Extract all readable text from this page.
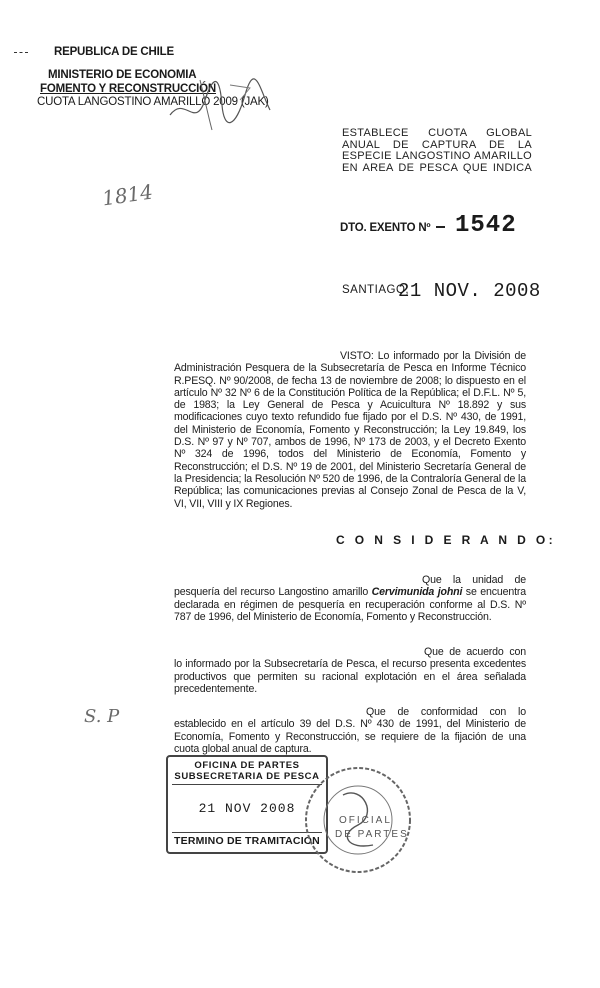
REPUBLICA DE CHILE
MINISTERIO DE ECONOMIA
FOMENTO Y RECONSTRUCCIÓN
CUOTA LANGOSTINO AMARILLO 2009 (JAK)
ESTABLECE CUOTA GLOBAL
ANUAL DE CAPTURA DE LA
ESPECIE LANGOSTINO AMARILLO
EN AREA DE PESCA QUE INDICA
1814
DTO. EXENTO Nº 1542
SANTIAGO,
21 NOV. 2008
VISTO: Lo informado por la División de Administración Pesquera de la Subsecretaría de Pesca en Informe Técnico R.PESQ. Nº 90/2008, de fecha 13 de noviembre de 2008; lo dispuesto en el artículo Nº 32 Nº 6 de la Constitución Política de la República; el D.F.L. Nº 5, de 1983; la Ley General de Pesca y Acuicultura Nº 18.892 y sus modificaciones cuyo texto refundido fue fijado por el D.S. Nº 430, de 1991, del Ministerio de Economía, Fomento y Reconstrucción; la Ley 19.849, los D.S. Nº 97 y Nº 707, ambos de 1996, Nº 173 de 2003, y el Decreto Exento Nº 324 de 1996, todos del Ministerio de Economía, Fomento y Reconstrucción; el D.S. Nº 19 de 2001, del Ministerio Secretaría General de la Presidencia; la Resolución Nº 520 de 1996, de la Contraloría General de la República; las comunicaciones previas al Consejo Zonal de Pesca de la V, VI, VII, VIII y IX Regiones.
C O N S I D E R A N D O:
Que la unidad de pesquería del recurso Langostino amarillo Cervimunida johni se encuentra declarada en régimen de pesquería en recuperación conforme al D.S. Nº 787 de 1996, del Ministerio de Economía, Fomento y Reconstrucción.
Que de acuerdo con lo informado por la Subsecretaría de Pesca, el recurso presenta excedentes productivos que permiten su racional explotación en el área señalada precedentemente.
S. P	Que de conformidad con lo establecido en el artículo 39 del D.S. Nº 430 de 1991, del Ministerio de Economía, Fomento y Reconstrucción, se requiere de la fijación de una cuota global anual de captura.
OFICINA DE PARTES
SUBSECRETARIA DE PESCA
21 NOV 2008
TERMINO DE TRAMITACION
OFICIAL
DE PARTES
